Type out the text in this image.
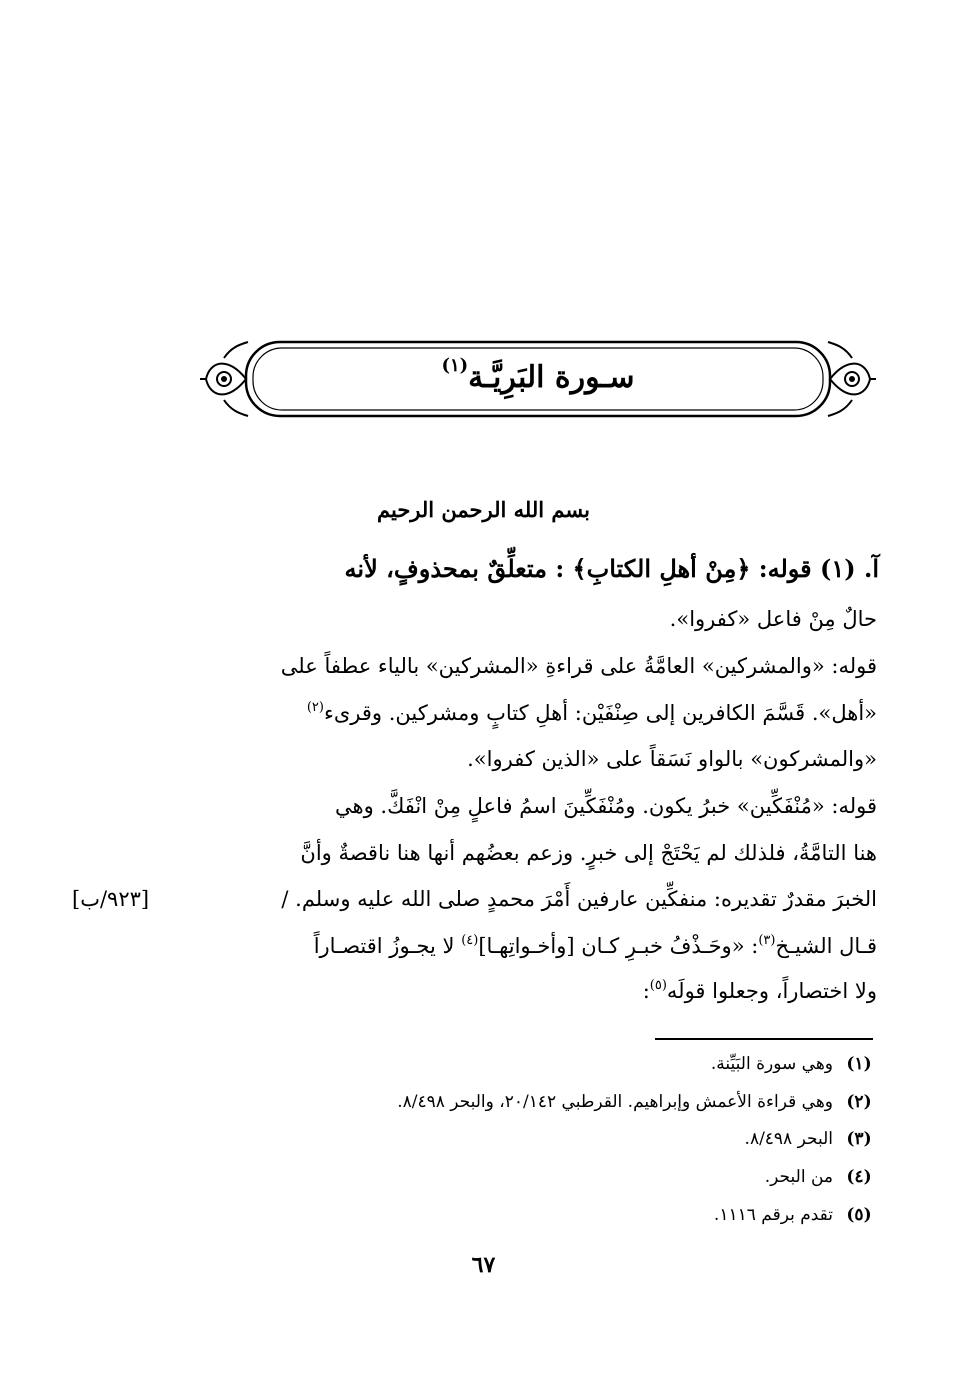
سـورة البَرِيَّـة
(١)
بسم الله الرحمن الرحيم
آ. (١) قوله: ﴿مِنْ أهلِ الكتابِ﴾ : متعلِّقٌ بمحذوفٍ، لأنه
حالٌ مِنْ فاعل «كفروا».
قوله: «والمشركين» العامَّةُ على قراءةِ «المشركين» بالياء عطفاً على
«أهل». قَسَّمَ الكافرين إلى صِنْفَيْن: أهلِ كتابٍ ومشركين. وقرىء$^{(٢)}$
«والمشركون» بالواو نَسَقاً على «الذين كفروا».
قوله: «مُنْفَكِّين» خبرُ يكون. ومُنْفَكِّينَ اسمُ فاعلٍ مِنْ انْفَكَّ. وهي
هنا التامَّةُ، فلذلك لم يَحْتَجْ إلى خبرٍ. وزعم بعضُهم أنها هنا ناقصةٌ وأنَّ
الخبرَ مقدرٌ تقديره: منفكِّين عارفين أَمْرَ محمدٍ صلى الله عليه وسلم. /
[٩٢٣/ب]
قـال الشيـخ$^{(٣)}$: «وحَـذْفُ خبـرِ كـان [وأخـواتِهـا]$^{(٤)}$ لا يجـوزُ اقتصـاراً
ولا اختصاراً، وجعلوا قولَه$^{(٥)}$:
(١)
وهي سورة البَيِّنة.
(٢)
وهي قراءة الأعمش وإبراهيم. القرطبي ٢٠/١٤٢، والبحر ٨/٤٩٨.
(٣)
البحر ٨/٤٩٨.
(٤)
من البحر.
(٥)
تقدم برقم ١١١٦.
٦٧
